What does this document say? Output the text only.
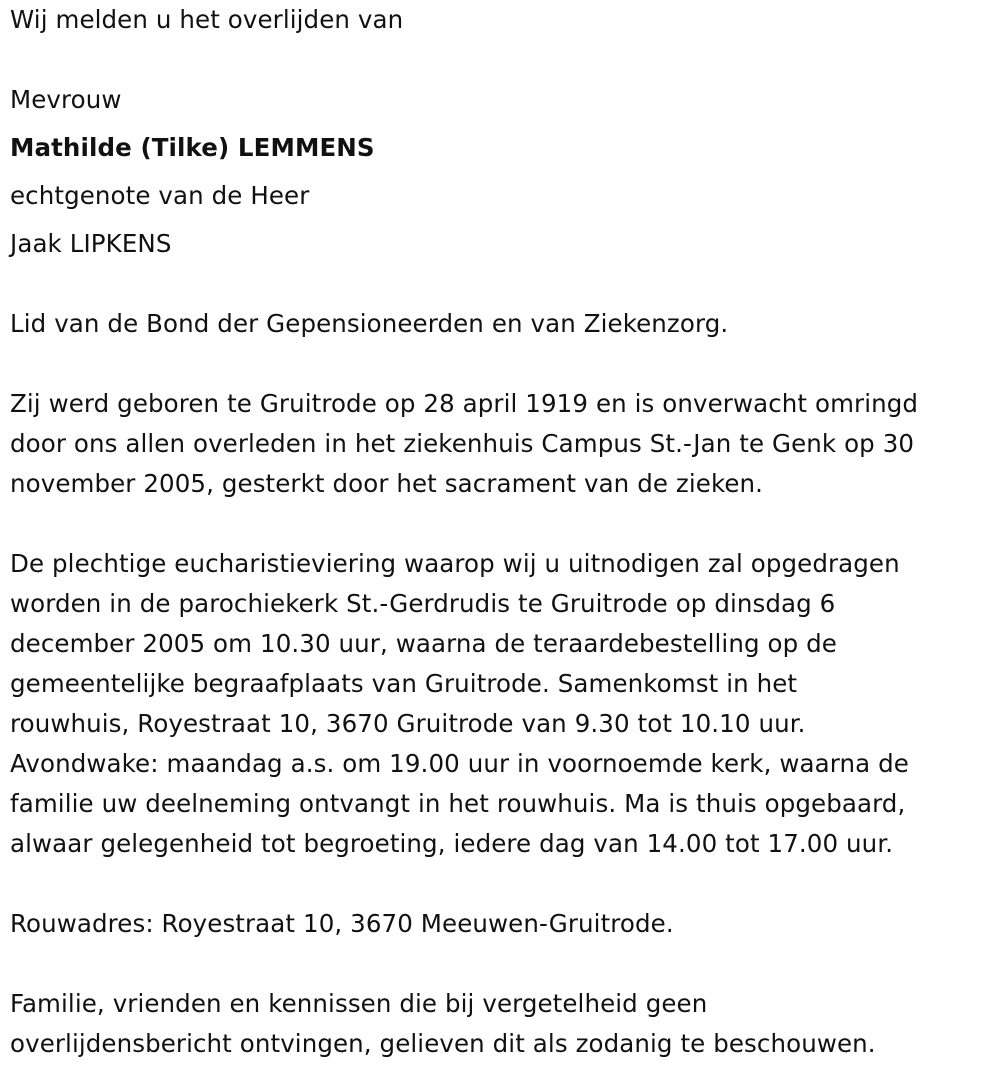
Wij melden u het overlijden van
Mevrouw
Mathilde (Tilke) LEMMENS
echtgenote van de Heer
Jaak LIPKENS
Lid van de Bond der Gepensioneerden en van Ziekenzorg.
Zij werd geboren te Gruitrode op 28 april 1919 en is onverwacht omringd
door ons allen overleden in het ziekenhuis Campus St.-Jan te Genk op 30
november 2005, gesterkt door het sacrament van de zieken.
De plechtige eucharistieviering waarop wij u uitnodigen zal opgedragen
worden in de parochiekerk St.-Gerdrudis te Gruitrode op dinsdag 6
december 2005 om 10.30 uur, waarna de teraardebestelling op de
gemeentelijke begraafplaats van Gruitrode. Samenkomst in het
rouwhuis, Royestraat 10, 3670 Gruitrode van 9.30 tot 10.10 uur.
Avondwake: maandag a.s. om 19.00 uur in voornoemde kerk, waarna de
familie uw deelneming ontvangt in het rouwhuis. Ma is thuis opgebaard,
alwaar gelegenheid tot begroeting, iedere dag van 14.00 tot 17.00 uur.
Rouwadres: Royestraat 10, 3670 Meeuwen-Gruitrode.
Familie, vrienden en kennissen die bij vergetelheid geen
overlijdensbericht ontvingen, gelieven dit als zodanig te beschouwen.
